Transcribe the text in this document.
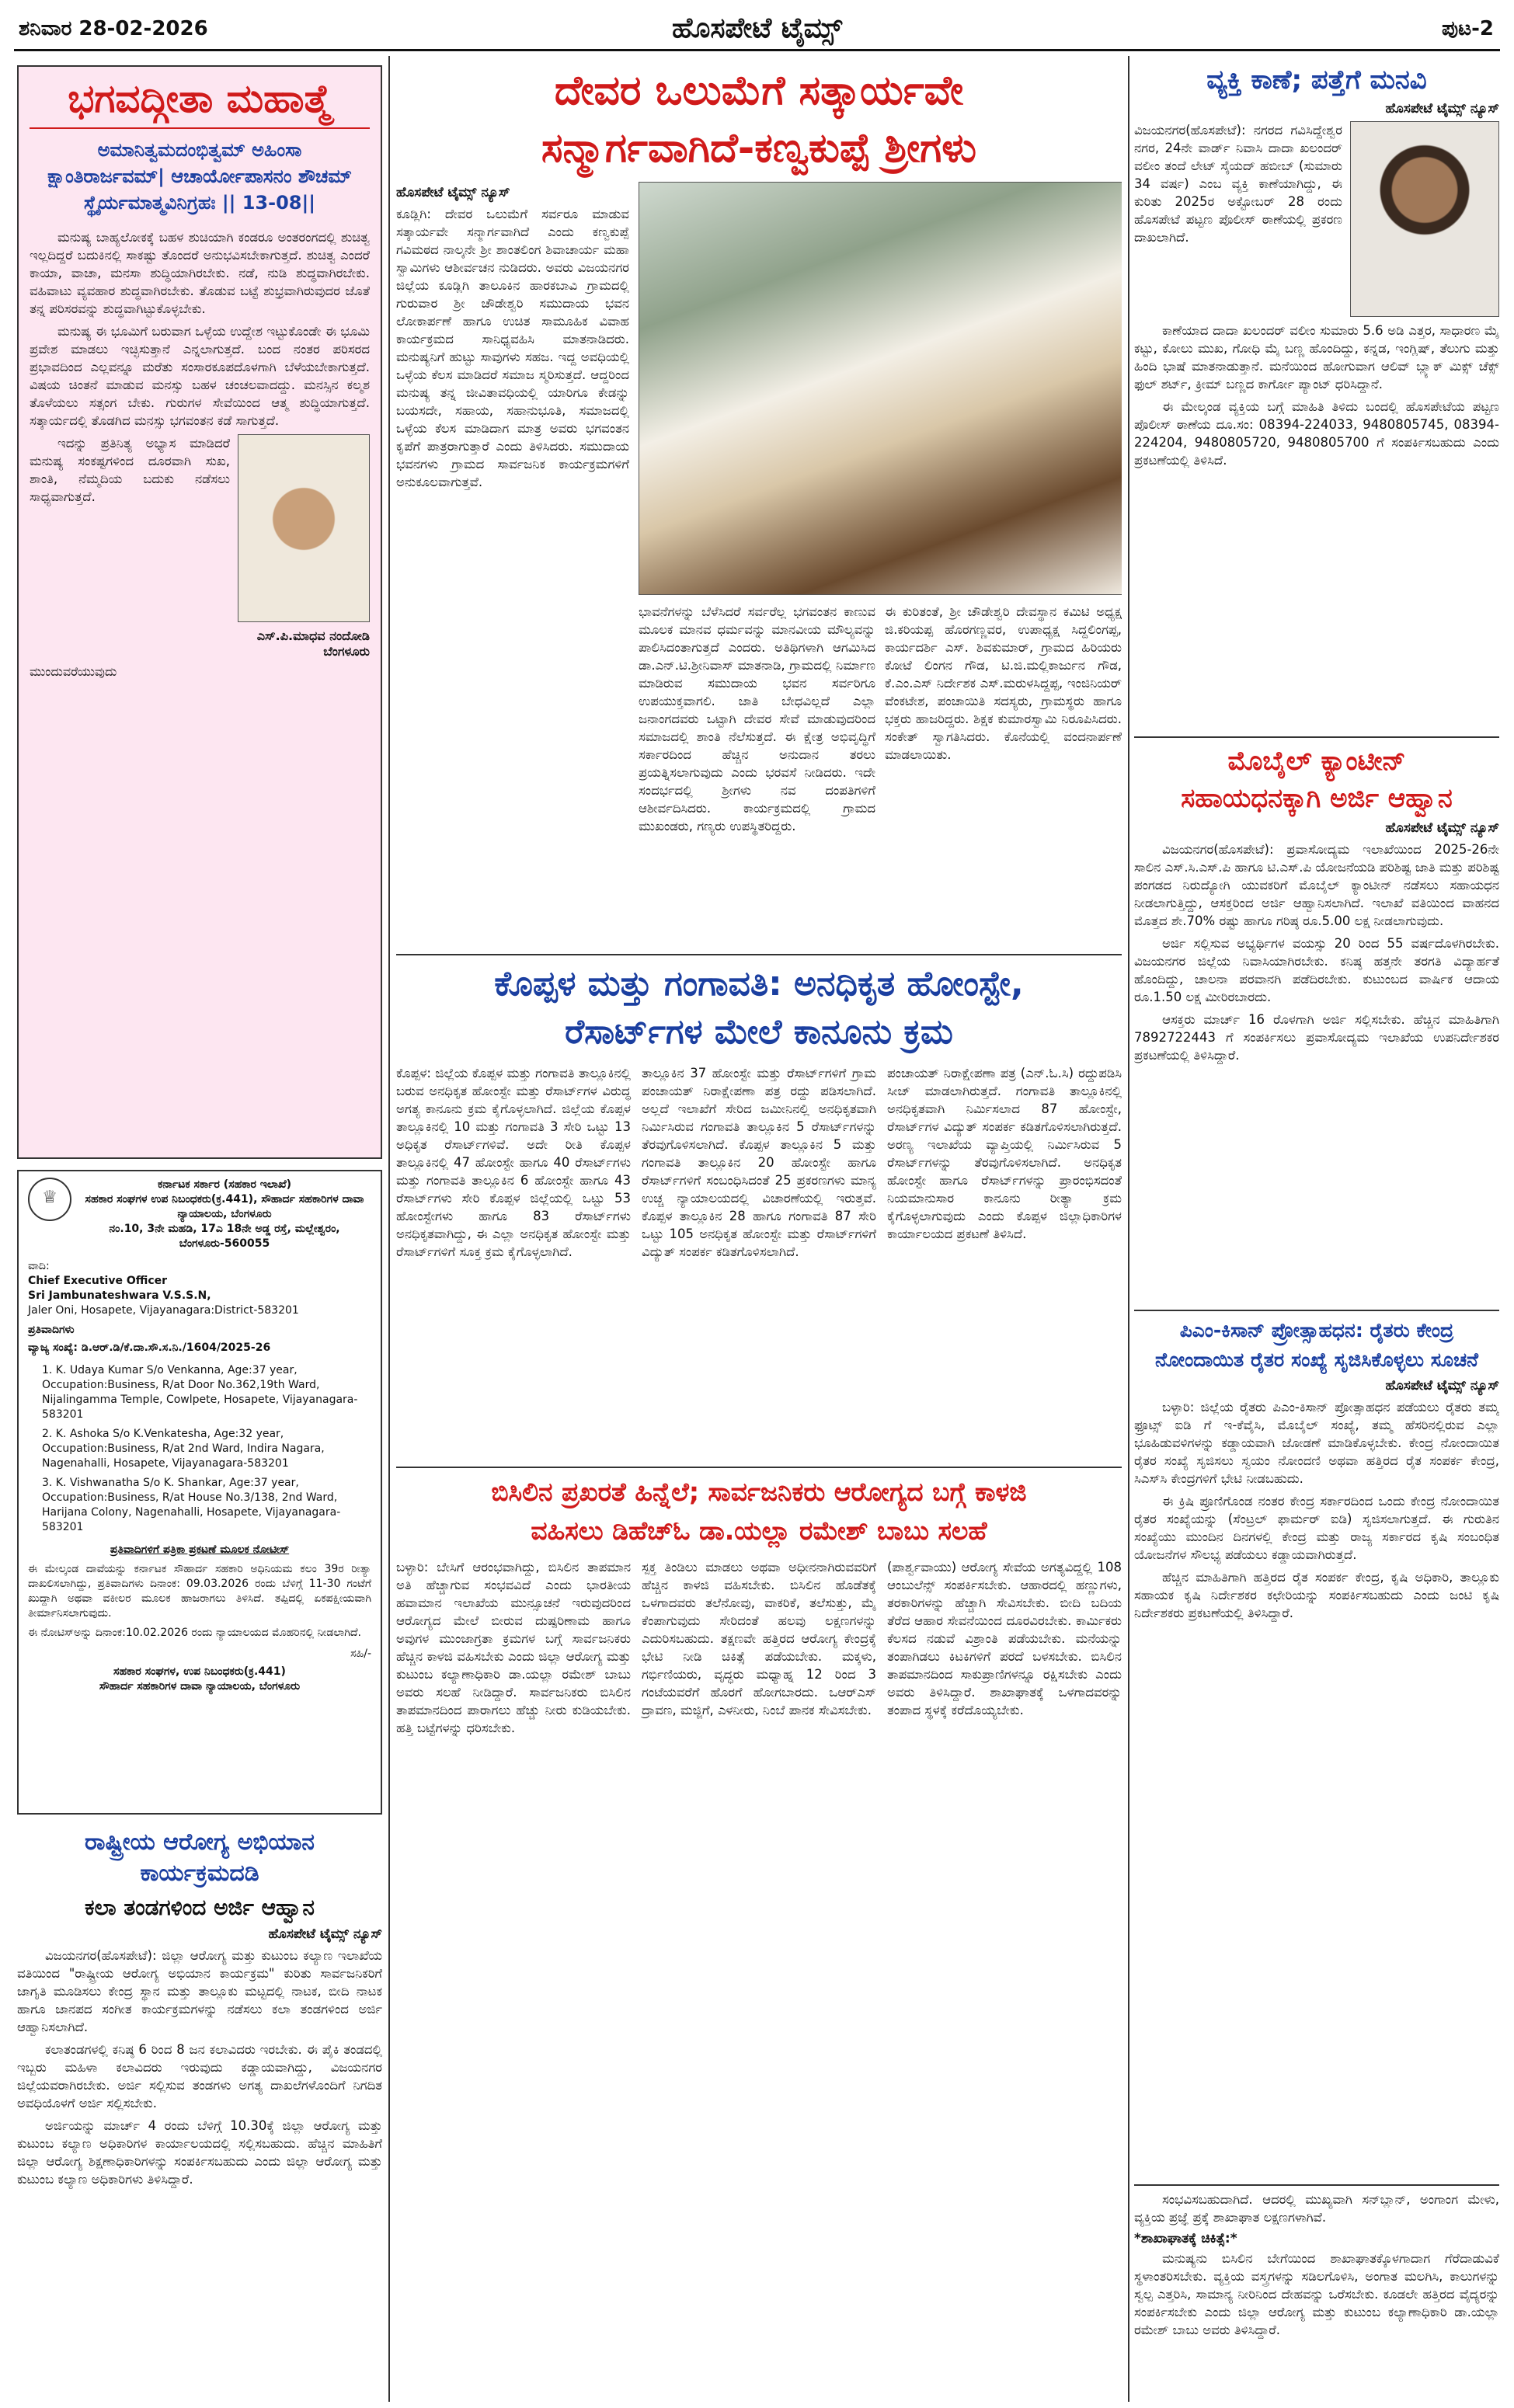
ಶನಿವಾರ 28-02-2026	ಹೊಸಪೇಟೆ ಟೈಮ್ಸ್	ಪುಟ-2
ಭಗವದ್ಗೀತಾ ಮಹಾತ್ಮೆ
ಅಮಾನಿತ್ವಮದಂಭಿತ್ವಮ್ ಅಹಿಂಸಾ ಕ್ಷಾಂತಿರಾರ್ಜವಮ್| ಆಚಾರ್ಯೋಪಾಸನಂ ಶೌಚಮ್ ಸ್ಥೈರ್ಯಮಾತ್ಮವಿನಿಗ್ರಹಃ || 13-08||

ಮನುಷ್ಯ ಬಾಹ್ಯಲೋಕಕ್ಕೆ ಬಹಳ ಶುಚಿಯಾಗಿ ಕಂಡರೂ ಅಂತರಂಗದಲ್ಲಿ ಶುಚಿತ್ವ ಇಲ್ಲದಿದ್ದರೆ ಬದುಕಿನಲ್ಲಿ ಸಾಕಷ್ಟು ತೊಂದರೆ ಅನುಭವಿಸಬೇಕಾಗುತ್ತದೆ. ಶುಚಿತ್ವ ಎಂದರೆ ಕಾಯಾ, ವಾಚಾ, ಮನಸಾ ಶುದ್ಧಿಯಾಗಿರಬೇಕು. ನಡೆ, ನುಡಿ ಶುದ್ಧವಾಗಿರಬೇಕು. ವಹಿವಾಟು ವ್ಯವಹಾರ ಶುದ್ಧವಾಗಿರಬೇಕು. ತೊಡುವ ಬಟ್ಟೆ ಶುಭ್ರವಾಗಿರುವುದರ ಜೊತೆ ತನ್ನ ಪರಿಸರವನ್ನು ಶುದ್ಧವಾಗಿಟ್ಟುಕೊಳ್ಳಬೇಕು.

ಮನುಷ್ಯ ಈ ಭೂಮಿಗೆ ಬರುವಾಗ ಒಳ್ಳೆಯ ಉದ್ದೇಶ ಇಟ್ಟುಕೊಂಡೇ ಈ ಭೂಮಿ ಪ್ರವೇಶ ಮಾಡಲು ಇಚ್ಛಿಸುತ್ತಾನೆ ಎನ್ನಲಾಗುತ್ತದೆ. ಬಂದ ನಂತರ ಪರಿಸರದ ಪ್ರಭಾವದಿಂದ ಎಲ್ಲವನ್ನೂ ಮರೆತು ಸಂಸಾರಕೂಪದೊಳಗಾಗಿ ಬೆಳೆಯಬೇಕಾಗುತ್ತದೆ. ವಿಷಯ ಚಿಂತನೆ ಮಾಡುವ ಮನಸ್ಸು ಬಹಳ ಚಂಚಲವಾದದ್ದು. ಮನಸ್ಸಿನ ಕಲ್ಮಶ ತೊಳೆಯಲು ಸತ್ಸಂಗ ಬೇಕು. ಗುರುಗಳ ಸೇವೆಯಿಂದ ಆತ್ಮ ಶುದ್ಧಿಯಾಗುತ್ತದೆ. ಸತ್ಕಾರ್ಯದಲ್ಲಿ ತೊಡಗಿದ ಮನಸ್ಸು ಭಗವಂತನ ಕಡೆ ಸಾಗುತ್ತದೆ.

ಇದನ್ನು ಪ್ರತಿನಿತ್ಯ ಅಭ್ಯಾಸ ಮಾಡಿದರೆ ಮನುಷ್ಯ ಸಂಕಷ್ಟಗಳಿಂದ ದೂರವಾಗಿ ಸುಖ, ಶಾಂತಿ, ನೆಮ್ಮದಿಯ ಬದುಕು ನಡೆಸಲು ಸಾಧ್ಯವಾಗುತ್ತದೆ.

ಎಸ್.ಪಿ.ಮಾಧವ ನಂದೋಡಿ
ಬೆಂಗಳೂರು
ಮುಂದುವರೆಯುವುದು
♕
ಕರ್ನಾಟಕ ಸರ್ಕಾರ (ಸಹಕಾರ ಇಲಾಖೆ)
ಸಹಕಾರ ಸಂಘಗಳ ಉಪ ನಿಬಂಧಕರು(ಕ್ರ.441), ಸೌಹಾರ್ದ ಸಹಕಾರಿಗಳ ದಾವಾ ನ್ಯಾಯಾಲಯ, ಬೆಂಗಳೂರು
ನಂ.10, 3ನೇ ಮಹಡಿ, 17ಎ 18ನೇ ಅಡ್ಡ ರಸ್ತೆ, ಮಲ್ಲೇಶ್ವರಂ, ಬೆಂಗಳೂರು-560055
ವಾದಿ:
Chief Executive Officer
Sri Jambunateshwara V.S.S.N,
Jaler Oni, Hosapete, Vijayanagara:District-583201
ಪ್ರತಿವಾದಿಗಳು
ವ್ಯಾಜ್ಯ ಸಂಖ್ಯೆ: ಡಿ.ಆರ್.ಡಿ/ಕೆ.ದಾ.ಸೌ.ಸ.ನಿ./1604/2025-26
1. K. Udaya Kumar S/o Venkanna, Age:37 year, Occupation:Business, R/at Door No.362,19th Ward, Nijalingamma Temple, Cowlpete, Hosapete, Vijayanagara-583201
2. K. Ashoka S/o K.Venkatesha, Age:32 year, Occupation:Business, R/at 2nd Ward, Indira Nagara, Nagenahalli, Hosapete, Vijayanagara-583201
3. K. Vishwanatha S/o K. Shankar, Age:37 year, Occupation:Business, R/at House No.3/138, 2nd Ward, Harijana Colony, Nagenahalli, Hosapete, Vijayanagara-583201
ಪ್ರತಿವಾದಿಗಳಿಗೆ ಪತ್ರಿಕಾ ಪ್ರಕಟಣೆ ಮೂಲಕ ನೋಟೀಸ್
ಈ ಮೇಲ್ಕಂಡ ದಾವೆಯನ್ನು ಕರ್ನಾಟಕ ಸೌಹಾರ್ದ ಸಹಕಾರಿ ಅಧಿನಿಯಮ ಕಲಂ 39ರ ರೀತ್ಯಾ ದಾಖಲಿಸಲಾಗಿದ್ದು, ಪ್ರತಿವಾದಿಗಳು ದಿನಾಂಕ: 09.03.2026 ರಂದು ಬೆಳಿಗ್ಗೆ 11-30 ಗಂಟೆಗೆ ಖುದ್ದಾಗಿ ಅಥವಾ ವಕೀಲರ ಮೂಲಕ ಹಾಜರಾಗಲು ತಿಳಿಸಿದೆ. ತಪ್ಪಿದಲ್ಲಿ ಏಕಪಕ್ಷೀಯವಾಗಿ ತೀರ್ಮಾನಿಸಲಾಗುವುದು.
ಈ ನೋಟಿಸ್ಅನ್ನು ದಿನಾಂಕ:10.02.2026 ರಂದು ನ್ಯಾಯಾಲಯದ ಮೊಹರಿನಲ್ಲಿ ನೀಡಲಾಗಿದೆ.
ಸಹಿ/-
ಸಹಕಾರ ಸಂಘಗಳ, ಉಪ ನಿಬಂಧಕರು(ಕ್ರ.441)
ಸೌಹಾರ್ದ ಸಹಕಾರಿಗಳ ದಾವಾ ನ್ಯಾಯಾಲಯ, ಬೆಂಗಳೂರು
ರಾಷ್ಟ್ರೀಯ ಆರೋಗ್ಯ ಅಭಿಯಾನ
ಕಾರ್ಯಕ್ರಮದಡಿ
ಕಲಾ ತಂಡಗಳಿಂದ ಅರ್ಜಿ ಆಹ್ವಾನ
ಹೊಸಪೇಟೆ ಟೈಮ್ಸ್ ನ್ಯೂಸ್

ವಿಜಯನಗರ(ಹೊಸಪೇಟೆ): ಜಿಲ್ಲಾ ಆರೋಗ್ಯ ಮತ್ತು ಕುಟುಂಬ ಕಲ್ಯಾಣ ಇಲಾಖೆಯ ವತಿಯಿಂದ "ರಾಷ್ಟ್ರೀಯ ಆರೋಗ್ಯ ಅಭಿಯಾನ ಕಾರ್ಯಕ್ರಮ" ಕುರಿತು ಸಾರ್ವಜನಿಕರಿಗೆ ಜಾಗೃತಿ ಮೂಡಿಸಲು ಕೇಂದ್ರ ಸ್ಥಾನ ಮತ್ತು ತಾಲ್ಲೂಕು ಮಟ್ಟದಲ್ಲಿ ನಾಟಕ, ಬೀದಿ ನಾಟಕ ಹಾಗೂ ಜಾನಪದ ಸಂಗೀತ ಕಾರ್ಯಕ್ರಮಗಳನ್ನು ನಡೆಸಲು ಕಲಾ ತಂಡಗಳಿಂದ ಅರ್ಜಿ ಆಹ್ವಾನಿಸಲಾಗಿದೆ.

ಕಲಾತಂಡಗಳಲ್ಲಿ ಕನಿಷ್ಠ 6 ರಿಂದ 8 ಜನ ಕಲಾವಿದರು ಇರಬೇಕು. ಈ ಪೈಕಿ ತಂಡದಲ್ಲಿ ಇಬ್ಬರು ಮಹಿಳಾ ಕಲಾವಿದರು ಇರುವುದು ಕಡ್ಡಾಯವಾಗಿದ್ದು, ವಿಜಯನಗರ ಜಿಲ್ಲೆಯವರಾಗಿರಬೇಕು. ಅರ್ಜಿ ಸಲ್ಲಿಸುವ ತಂಡಗಳು ಅಗತ್ಯ ದಾಖಲೆಗಳೊಂದಿಗೆ ನಿಗದಿತ ಅವಧಿಯೊಳಗೆ ಅರ್ಜಿ ಸಲ್ಲಿಸಬೇಕು.

ಅರ್ಜಿಯನ್ನು ಮಾರ್ಚ್ 4 ರಂದು ಬೆಳಿಗ್ಗೆ 10.30ಕ್ಕೆ ಜಿಲ್ಲಾ ಆರೋಗ್ಯ ಮತ್ತು ಕುಟುಂಬ ಕಲ್ಯಾಣ ಅಧಿಕಾರಿಗಳ ಕಾರ್ಯಾಲಯದಲ್ಲಿ ಸಲ್ಲಿಸಬಹುದು. ಹೆಚ್ಚಿನ ಮಾಹಿತಿಗೆ ಜಿಲ್ಲಾ ಆರೋಗ್ಯ ಶಿಕ್ಷಣಾಧಿಕಾರಿಗಳನ್ನು ಸಂಪರ್ಕಿಸಬಹುದು ಎಂದು ಜಿಲ್ಲಾ ಆರೋಗ್ಯ ಮತ್ತು ಕುಟುಂಬ ಕಲ್ಯಾಣ ಅಧಿಕಾರಿಗಳು ತಿಳಿಸಿದ್ದಾರೆ.

ದೇವರ ಒಲುಮೆಗೆ ಸತ್ಕಾರ್ಯವೇ
ಸನ್ಮಾರ್ಗವಾಗಿದೆ-ಕಣ್ವಕುಪ್ಪೆ ಶ್ರೀಗಳು
ಹೊಸಪೇಟೆ ಟೈಮ್ಸ್ ನ್ಯೂಸ್
ಕೂಡ್ಲಿಗಿ: ದೇವರ ಒಲುಮೆಗೆ ಸರ್ವರೂ ಮಾಡುವ ಸತ್ಕಾರ್ಯವೇ ಸನ್ಮಾರ್ಗವಾಗಿದೆ ಎಂದು ಕಣ್ವಕುಪ್ಪೆ ಗವಿಮಠದ ನಾಲ್ಕನೇ ಶ್ರೀ ಶಾಂತಲಿಂಗ ಶಿವಾಚಾರ್ಯ ಮಹಾ ಸ್ವಾಮಿಗಳು ಆಶೀರ್ವಚನ ನುಡಿದರು. ಅವರು ವಿಜಯನಗರ ಜಿಲ್ಲೆಯ ಕೂಡ್ಲಿಗಿ ತಾಲೂಕಿನ ಹಾರಕಬಾವಿ ಗ್ರಾಮದಲ್ಲಿ ಗುರುವಾರ ಶ್ರೀ ಚೌಡೇಶ್ವರಿ ಸಮುದಾಯ ಭವನ ಲೋಕಾರ್ಪಣೆ ಹಾಗೂ ಉಚಿತ ಸಾಮೂಹಿಕ ವಿವಾಹ ಕಾರ್ಯಕ್ರಮದ ಸಾನಿಧ್ಯವಹಿಸಿ ಮಾತನಾಡಿದರು. ಮನುಷ್ಯನಿಗೆ ಹುಟ್ಟು ಸಾವುಗಳು ಸಹಜ. ಇದ್ದ ಅವಧಿಯಲ್ಲಿ ಒಳ್ಳೆಯ ಕೆಲಸ ಮಾಡಿದರೆ ಸಮಾಜ ಸ್ಮರಿಸುತ್ತದೆ. ಆದ್ದರಿಂದ ಮನುಷ್ಯ ತನ್ನ ಜೀವಿತಾವಧಿಯಲ್ಲಿ ಯಾರಿಗೂ ಕೇಡನ್ನು ಬಯಸದೇ, ಸಹಾಯ, ಸಹಾನುಭೂತಿ, ಸಮಾಜದಲ್ಲಿ ಒಳ್ಳೆಯ ಕೆಲಸ ಮಾಡಿದಾಗ ಮಾತ್ರ ಅವರು ಭಗವಂತನ ಕೃಪೆಗೆ ಪಾತ್ರರಾಗುತ್ತಾರೆ ಎಂದು ತಿಳಿಸಿದರು. ಸಮುದಾಯ ಭವನಗಳು ಗ್ರಾಮದ ಸಾರ್ವಜನಿಕ ಕಾರ್ಯಕ್ರಮಗಳಿಗೆ ಅನುಕೂಲವಾಗುತ್ತವೆ.
ಭಾವನೆಗಳನ್ನು ಬೆಳೆಸಿದರೆ ಸರ್ವರೆಲ್ಲ ಭಗವಂತನ ಕಾಣುವ ಮೂಲಕ ಮಾನವ ಧರ್ಮವನ್ನು ಮಾನವೀಯ ಮೌಲ್ಯವನ್ನು ಪಾಲಿಸಿದಂತಾಗುತ್ತದೆ ಎಂದರು. ಅತಿಥಿಗಳಾಗಿ ಆಗಮಿಸಿದ ಡಾ.ಎನ್.ಟಿ.ಶ್ರೀನಿವಾಸ್ ಮಾತನಾಡಿ, ಗ್ರಾಮದಲ್ಲಿ ನಿರ್ಮಾಣ ಮಾಡಿರುವ ಸಮುದಾಯ ಭವನ ಸರ್ವರಿಗೂ ಉಪಯುಕ್ತವಾಗಲಿ. ಜಾತಿ ಬೇಧವಿಲ್ಲದೆ ಎಲ್ಲಾ ಜನಾಂಗದವರು ಒಟ್ಟಾಗಿ ದೇವರ ಸೇವೆ ಮಾಡುವುದರಿಂದ ಸಮಾಜದಲ್ಲಿ ಶಾಂತಿ ನೆಲೆಸುತ್ತದೆ. ಈ ಕ್ಷೇತ್ರ ಅಭಿವೃದ್ಧಿಗೆ ಸರ್ಕಾರದಿಂದ ಹೆಚ್ಚಿನ ಅನುದಾನ ತರಲು ಪ್ರಯತ್ನಿಸಲಾಗುವುದು ಎಂದು ಭರವಸೆ ನೀಡಿದರು. ಇದೇ ಸಂದರ್ಭದಲ್ಲಿ ಶ್ರೀಗಳು ನವ ದಂಪತಿಗಳಿಗೆ ಆಶೀರ್ವದಿಸಿದರು. ಕಾರ್ಯಕ್ರಮದಲ್ಲಿ ಗ್ರಾಮದ ಮುಖಂಡರು, ಗಣ್ಯರು ಉಪಸ್ಥಿತರಿದ್ದರು.
ಈ ಕುರಿತಂತೆ, ಶ್ರೀ ಚೌಡೇಶ್ವರಿ ದೇವಸ್ಥಾನ ಕಮಿಟಿ ಅಧ್ಯಕ್ಷ ಜಿ.ಕರಿಯಪ್ಪ ಹೊರಗಣ್ಣವರ, ಉಪಾಧ್ಯಕ್ಷ ಸಿದ್ದಲಿಂಗಪ್ಪ, ಕಾರ್ಯದರ್ಶಿ ಎಸ್. ಶಿವಕುಮಾರ್, ಗ್ರಾಮದ ಹಿರಿಯರು ಕೋಟೆ ಲಿಂಗನ ಗೌಡ, ಟಿ.ಜಿ.ಮಲ್ಲಿಕಾರ್ಜುನ ಗೌಡ, ಕೆ.ಎಂ.ಎಸ್ ನಿರ್ದೇಶಕ ಎಸ್.ಮರುಳಸಿದ್ದಪ್ಪ, ಇಂಜಿನಿಯರ್ ವೆಂಕಟೇಶ, ಪಂಚಾಯಿತಿ ಸದಸ್ಯರು, ಗ್ರಾಮಸ್ಥರು ಹಾಗೂ ಭಕ್ತರು ಹಾಜರಿದ್ದರು. ಶಿಕ್ಷಕ ಕುಮಾರಸ್ವಾಮಿ ನಿರೂಪಿಸಿದರು. ಸಂಕೇತ್ ಸ್ವಾಗತಿಸಿದರು. ಕೊನೆಯಲ್ಲಿ ವಂದನಾರ್ಪಣೆ ಮಾಡಲಾಯಿತು.
ಕೊಪ್ಪಳ ಮತ್ತು ಗಂಗಾವತಿ: ಅನಧಿಕೃತ ಹೋಂಸ್ಟೇ,
ರೆಸಾರ್ಟ್‌ಗಳ ಮೇಲೆ ಕಾನೂನು ಕ್ರಮ
ಕೊಪ್ಪಳ: ಜಿಲ್ಲೆಯ ಕೊಪ್ಪಳ ಮತ್ತು ಗಂಗಾವತಿ ತಾಲ್ಲೂಕಿನಲ್ಲಿ ಬರುವ ಅನಧಿಕೃತ ಹೋಂಸ್ಟೇ ಮತ್ತು ರೆಸಾರ್ಟ್‌ಗಳ ವಿರುದ್ಧ ಅಗತ್ಯ ಕಾನೂನು ಕ್ರಮ ಕೈಗೊಳ್ಳಲಾಗಿದೆ. ಜಿಲ್ಲೆಯ ಕೊಪ್ಪಳ ತಾಲ್ಲೂಕಿನಲ್ಲಿ 10 ಮತ್ತು ಗಂಗಾವತಿ 3 ಸೇರಿ ಒಟ್ಟು 13 ಅಧಿಕೃತ ರೆಸಾರ್ಟ್‌ಗಳಿವೆ. ಅದೇ ರೀತಿ ಕೊಪ್ಪಳ ತಾಲ್ಲೂಕಿನಲ್ಲಿ 47 ಹೋಂಸ್ಟೇ ಹಾಗೂ 40 ರೆಸಾರ್ಟ್‌ಗಳು ಮತ್ತು ಗಂಗಾವತಿ ತಾಲ್ಲೂಕಿನ 6 ಹೋಂಸ್ಟೇ ಹಾಗೂ 43 ರೆಸಾರ್ಟ್‌ಗಳು ಸೇರಿ ಕೊಪ್ಪಳ ಜಿಲ್ಲೆಯಲ್ಲಿ ಒಟ್ಟು 53 ಹೋಂಸ್ಟೇಗಳು ಹಾಗೂ 83 ರೆಸಾರ್ಟ್‌ಗಳು ಅನಧಿಕೃತವಾಗಿದ್ದು, ಈ ಎಲ್ಲಾ ಅನಧಿಕೃತ ಹೋಂಸ್ಟೇ ಮತ್ತು ರೆಸಾರ್ಟ್‌ಗಳಿಗೆ ಸೂಕ್ತ ಕ್ರಮ ಕೈಗೊಳ್ಳಲಾಗಿದೆ.
ತಾಲ್ಲೂಕಿನ 37 ಹೋಂಸ್ಟೇ ಮತ್ತು ರೆಸಾರ್ಟ್‌ಗಳಿಗೆ ಗ್ರಾಮ ಪಂಚಾಯತ್ ನಿರಾಕ್ಷೇಪಣಾ ಪತ್ರ ರದ್ದು ಪಡಿಸಲಾಗಿದೆ. ಅಲ್ಲದೆ ಇಲಾಖೆಗೆ ಸೇರಿದ ಜಮೀನಿನಲ್ಲಿ ಅನಧಿಕೃತವಾಗಿ ನಿರ್ಮಿಸಿರುವ ಗಂಗಾವತಿ ತಾಲ್ಲೂಕಿನ 5 ರೆಸಾರ್ಟ್‌ಗಳನ್ನು ತೆರವುಗೊಳಿಸಲಾಗಿದೆ. ಕೊಪ್ಪಳ ತಾಲ್ಲೂಕಿನ 5 ಮತ್ತು ಗಂಗಾವತಿ ತಾಲ್ಲೂಕಿನ 20 ಹೋಂಸ್ಟೇ ಹಾಗೂ ರೆಸಾರ್ಟ್‌ಗಳಿಗೆ ಸಂಬಂಧಿಸಿದಂತೆ 25 ಪ್ರಕರಣಗಳು ಮಾನ್ಯ ಉಚ್ಚ ನ್ಯಾಯಾಲಯದಲ್ಲಿ ವಿಚಾರಣೆಯಲ್ಲಿ ಇರುತ್ತವೆ. ಕೊಪ್ಪಳ ತಾಲ್ಲೂಕಿನ 28 ಹಾಗೂ ಗಂಗಾವತಿ 87 ಸೇರಿ ಒಟ್ಟು 105 ಅನಧಿಕೃತ ಹೋಂಸ್ಟೇ ಮತ್ತು ರೆಸಾರ್ಟ್‌ಗಳಿಗೆ ವಿದ್ಯುತ್ ಸಂಪರ್ಕ ಕಡಿತಗೊಳಿಸಲಾಗಿದೆ.
ಪಂಚಾಯತ್ ನಿರಾಕ್ಷೇಪಣಾ ಪತ್ರ (ಎನ್.ಓ.ಸಿ) ರದ್ದುಪಡಿಸಿ ಸೀಜ್ ಮಾಡಲಾಗಿರುತ್ತದೆ. ಗಂಗಾವತಿ ತಾಲ್ಲೂಕಿನಲ್ಲಿ ಅನಧಿಕೃತವಾಗಿ ನಿರ್ಮಿಸಲಾದ 87 ಹೋಂಸ್ಟೇ, ರೆಸಾರ್ಟ್‌ಗಳ ವಿದ್ಯುತ್ ಸಂಪರ್ಕ ಕಡಿತಗೊಳಿಸಲಾಗಿರುತ್ತದೆ. ಅರಣ್ಯ ಇಲಾಖೆಯ ವ್ಯಾಪ್ತಿಯಲ್ಲಿ ನಿರ್ಮಿಸಿರುವ 5 ರೆಸಾರ್ಟ್‌ಗಳನ್ನು ತೆರವುಗೊಳಿಸಲಾಗಿದೆ. ಅನಧಿಕೃತ ಹೋಂಸ್ಟೇ ಹಾಗೂ ರೆಸಾರ್ಟ್‌ಗಳನ್ನು ಪ್ರಾರಂಭಿಸದಂತೆ ನಿಯಮಾನುಸಾರ ಕಾನೂನು ರೀತ್ಯಾ ಕ್ರಮ ಕೈಗೊಳ್ಳಲಾಗುವುದು ಎಂದು ಕೊಪ್ಪಳ ಜಿಲ್ಲಾಧಿಕಾರಿಗಳ ಕಾರ್ಯಾಲಯದ ಪ್ರಕಟಣೆ ತಿಳಿಸಿದೆ.
ಬಿಸಿಲಿನ ಪ್ರಖರತೆ ಹಿನ್ನೆಲೆ; ಸಾರ್ವಜನಿಕರು ಆರೋಗ್ಯದ ಬಗ್ಗೆ ಕಾಳಜಿ
ವಹಿಸಲು ಡಿಹೆಚ್ಓ ಡಾ.ಯಲ್ಲಾ ರಮೇಶ್ ಬಾಬು ಸಲಹೆ
ಬಳ್ಳಾರಿ: ಬೇಸಿಗೆ ಆರಂಭವಾಗಿದ್ದು, ಬಿಸಿಲಿನ ತಾಪಮಾನ ಅತಿ ಹೆಚ್ಚಾಗುವ ಸಂಭವವಿದೆ ಎಂದು ಭಾರತೀಯ ಹವಾಮಾನ ಇಲಾಖೆಯ ಮುನ್ಸೂಚನೆ ಇರುವುದರಿಂದ ಆರೋಗ್ಯದ ಮೇಲೆ ಬೀರುವ ದುಷ್ಪರಿಣಾಮ ಹಾಗೂ ಅವುಗಳ ಮುಂಜಾಗ್ರತಾ ಕ್ರಮಗಳ ಬಗ್ಗೆ ಸಾರ್ವಜನಿಕರು ಹೆಚ್ಚಿನ ಕಾಳಜಿ ವಹಿಸಬೇಕು ಎಂದು ಜಿಲ್ಲಾ ಆರೋಗ್ಯ ಮತ್ತು ಕುಟುಂಬ ಕಲ್ಯಾಣಾಧಿಕಾರಿ ಡಾ.ಯಲ್ಲಾ ರಮೇಶ್ ಬಾಬು ಅವರು ಸಲಹೆ ನೀಡಿದ್ದಾರೆ. ಸಾರ್ವಜನಿಕರು ಬಿಸಿಲಿನ ತಾಪಮಾನದಿಂದ ಪಾರಾಗಲು ಹೆಚ್ಚು ನೀರು ಕುಡಿಯಬೇಕು. ಹತ್ತಿ ಬಟ್ಟೆಗಳನ್ನು ಧರಿಸಬೇಕು.
ಸ್ಪಕ್ತ ತಿಂಡಿಲು ಮಾಡಲು ಅಥವಾ ಅಧೀನನಾಗಿರುವವರಿಗೆ ಹೆಚ್ಚಿನ ಕಾಳಜಿ ವಹಿಸಬೇಕು. ಬಿಸಿಲಿನ ಹೊಡೆತಕ್ಕೆ ಒಳಗಾದವರು ತಲೆನೋವು, ವಾಕರಿಕೆ, ತಲೆಸುತ್ತು, ಮೈ ಕೆಂಪಾಗುವುದು ಸೇರಿದಂತೆ ಹಲವು ಲಕ್ಷಣಗಳನ್ನು ಎದುರಿಸಬಹುದು. ತಕ್ಷಣವೇ ಹತ್ತಿರದ ಆರೋಗ್ಯ ಕೇಂದ್ರಕ್ಕೆ ಭೇಟಿ ನೀಡಿ ಚಿಕಿತ್ಸೆ ಪಡೆಯಬೇಕು. ಮಕ್ಕಳು, ಗರ್ಭಿಣಿಯರು, ವೃದ್ಧರು ಮಧ್ಯಾಹ್ನ 12 ರಿಂದ 3 ಗಂಟೆಯವರೆಗೆ ಹೊರಗೆ ಹೋಗಬಾರದು. ಒಆರ್‌ಎಸ್ ದ್ರಾವಣ, ಮಜ್ಜಿಗೆ, ಎಳನೀರು, ನಿಂಬೆ ಪಾನಕ ಸೇವಿಸಬೇಕು.
(ಪಾರ್ಶ್ವವಾಯು) ಆರೋಗ್ಯ ಸೇವೆಯ ಅಗತ್ಯವಿದ್ದಲ್ಲಿ 108 ಆಂಬುಲೆನ್ಸ್ ಸಂಪರ್ಕಿಸಬೇಕು. ಆಹಾರದಲ್ಲಿ ಹಣ್ಣುಗಳು, ತರಕಾರಿಗಳನ್ನು ಹೆಚ್ಚಾಗಿ ಸೇವಿಸಬೇಕು. ಬೀದಿ ಬದಿಯ ತೆರೆದ ಆಹಾರ ಸೇವನೆಯಿಂದ ದೂರವಿರಬೇಕು. ಕಾರ್ಮಿಕರು ಕೆಲಸದ ನಡುವೆ ವಿಶ್ರಾಂತಿ ಪಡೆಯಬೇಕು. ಮನೆಯನ್ನು ತಂಪಾಗಿಡಲು ಕಿಟಕಿಗಳಿಗೆ ಪರದೆ ಬಳಸಬೇಕು. ಬಿಸಿಲಿನ ತಾಪಮಾನದಿಂದ ಸಾಕುಪ್ರಾಣಿಗಳನ್ನೂ ರಕ್ಷಿಸಬೇಕು ಎಂದು ಅವರು ತಿಳಿಸಿದ್ದಾರೆ. ಶಾಖಾಘಾತಕ್ಕೆ ಒಳಗಾದವರನ್ನು ತಂಪಾದ ಸ್ಥಳಕ್ಕೆ ಕರೆದೊಯ್ಯಬೇಕು.
ವ್ಯಕ್ತಿ ಕಾಣೆ; ಪತ್ತೆಗೆ ಮನವಿ
ಹೊಸಪೇಟೆ ಟೈಮ್ಸ್ ನ್ಯೂಸ್
ವಿಜಯನಗರ(ಹೊಸಪೇಟೆ): ನಗರದ ಗವಿಸಿದ್ದೇಶ್ವರ ನಗರ, 24ನೇ ವಾರ್ಡ್ ನಿವಾಸಿ ದಾದಾ ಖಲಂದರ್ ವಲೀಂ ತಂದೆ ಲೇಟ್ ಸೈಯದ್ ಹಬೀಬ್ (ಸುಮಾರು 34 ವರ್ಷ) ಎಂಬ ವ್ಯಕ್ತಿ ಕಾಣೆಯಾಗಿದ್ದು, ಈ ಕುರಿತು 2025ರ ಅಕ್ಟೋಬರ್ 28 ರಂದು ಹೊಸಪೇಟೆ ಪಟ್ಟಣ ಪೊಲೀಸ್ ಠಾಣೆಯಲ್ಲಿ ಪ್ರಕರಣ ದಾಖಲಾಗಿದೆ.

ಕಾಣೆಯಾದ ದಾದಾ ಖಲಂದರ್ ವಲೀಂ ಸುಮಾರು 5.6 ಅಡಿ ಎತ್ತರ, ಸಾಧಾರಣ ಮೈ ಕಟ್ಟು, ಕೋಲು ಮುಖ, ಗೋಧಿ ಮೈ ಬಣ್ಣ ಹೊಂದಿದ್ದು, ಕನ್ನಡ, ಇಂಗ್ಲಿಷ್, ತೆಲುಗು ಮತ್ತು ಹಿಂದಿ ಭಾಷೆ ಮಾತನಾಡುತ್ತಾನೆ. ಮನೆಯಿಂದ ಹೋಗುವಾಗ ಆಲಿವ್ ಬ್ಲ್ಯಾಕ್ ಮಿಕ್ಸ್ ಚೆಕ್ಸ್ ಫುಲ್ ಶರ್ಟ್, ಕ್ರೀಮ್ ಬಣ್ಣದ ಕಾರ್ಗೋ ಪ್ಯಾಂಟ್ ಧರಿಸಿದ್ದಾನೆ.

ಈ ಮೇಲ್ಕಂಡ ವ್ಯಕ್ತಿಯ ಬಗ್ಗೆ ಮಾಹಿತಿ ತಿಳಿದು ಬಂದಲ್ಲಿ ಹೊಸಪೇಟೆಯ ಪಟ್ಟಣ ಪೊಲೀಸ್ ಠಾಣೆಯ ದೂ.ಸಂ: 08394-224033, 9480805745, 08394-224204, 9480805720, 9480805700 ಗೆ ಸಂಪರ್ಕಿಸಬಹುದು ಎಂದು ಪ್ರಕಟಣೆಯಲ್ಲಿ ತಿಳಿಸಿದೆ.

ಮೊಬೈಲ್ ಕ್ಯಾಂಟೀನ್
ಸಹಾಯಧನಕ್ಕಾಗಿ ಅರ್ಜಿ ಆಹ್ವಾನ
ಹೊಸಪೇಟೆ ಟೈಮ್ಸ್ ನ್ಯೂಸ್

ವಿಜಯನಗರ(ಹೊಸಪೇಟೆ): ಪ್ರವಾಸೋದ್ಯಮ ಇಲಾಖೆಯಿಂದ 2025-26ನೇ ಸಾಲಿನ ಎಸ್.ಸಿ.ಎಸ್.ಪಿ ಹಾಗೂ ಟಿ.ಎಸ್.ಪಿ ಯೋಜನೆಯಡಿ ಪರಿಶಿಷ್ಟ ಜಾತಿ ಮತ್ತು ಪರಿಶಿಷ್ಟ ಪಂಗಡದ ನಿರುದ್ಯೋಗಿ ಯುವಕರಿಗೆ ಮೊಬೈಲ್ ಕ್ಯಾಂಟೀನ್ ನಡೆಸಲು ಸಹಾಯಧನ ನೀಡಲಾಗುತ್ತಿದ್ದು, ಆಸಕ್ತರಿಂದ ಅರ್ಜಿ ಆಹ್ವಾನಿಸಲಾಗಿದೆ. ಇಲಾಖೆ ವತಿಯಿಂದ ವಾಹನದ ಮೊತ್ತದ ಶೇ.70% ರಷ್ಟು ಹಾಗೂ ಗರಿಷ್ಠ ರೂ.5.00 ಲಕ್ಷ ನೀಡಲಾಗುವುದು.

ಅರ್ಜಿ ಸಲ್ಲಿಸುವ ಅಭ್ಯರ್ಥಿಗಳ ವಯಸ್ಸು 20 ರಿಂದ 55 ವರ್ಷದೊಳಗಿರಬೇಕು. ವಿಜಯನಗರ ಜಿಲ್ಲೆಯ ನಿವಾಸಿಯಾಗಿರಬೇಕು. ಕನಿಷ್ಠ ಹತ್ತನೇ ತರಗತಿ ವಿದ್ಯಾರ್ಹತೆ ಹೊಂದಿದ್ದು, ಚಾಲನಾ ಪರವಾನಗಿ ಪಡೆದಿರಬೇಕು. ಕುಟುಂಬದ ವಾರ್ಷಿಕ ಆದಾಯ ರೂ.1.50 ಲಕ್ಷ ಮೀರಿರಬಾರದು.

ಆಸಕ್ತರು ಮಾರ್ಚ್ 16 ರೊಳಗಾಗಿ ಅರ್ಜಿ ಸಲ್ಲಿಸಬೇಕು. ಹೆಚ್ಚಿನ ಮಾಹಿತಿಗಾಗಿ 7892722443 ಗೆ ಸಂಪರ್ಕಿಸಲು ಪ್ರವಾಸೋದ್ಯಮ ಇಲಾಖೆಯ ಉಪನಿರ್ದೇಶಕರ ಪ್ರಕಟಣೆಯಲ್ಲಿ ತಿಳಿಸಿದ್ದಾರೆ.

ಪಿಎಂ-ಕಿಸಾನ್ ಪ್ರೋತ್ಸಾಹಧನ: ರೈತರು ಕೇಂದ್ರ
ನೋಂದಾಯಿತ ರೈತರ ಸಂಖ್ಯೆ ಸೃಜಿಸಿಕೊಳ್ಳಲು ಸೂಚನೆ
ಹೊಸಪೇಟೆ ಟೈಮ್ಸ್ ನ್ಯೂಸ್

ಬಳ್ಳಾರಿ: ಜಿಲ್ಲೆಯ ರೈತರು ಪಿಎಂ-ಕಿಸಾನ್ ಪ್ರೋತ್ಸಾಹಧನ ಪಡೆಯಲು ರೈತರು ತಮ್ಮ ಫ್ರೂಟ್ಸ್ ಐಡಿ ಗೆ ಇ-ಕೆವೈಸಿ, ಮೊಬೈಲ್ ಸಂಖ್ಯೆ, ತಮ್ಮ ಹೆಸರಿನಲ್ಲಿರುವ ಎಲ್ಲಾ ಭೂಹಿಡುವಳಿಗಳನ್ನು ಕಡ್ಡಾಯವಾಗಿ ಜೋಡಣೆ ಮಾಡಿಕೊಳ್ಳಬೇಕು. ಕೇಂದ್ರ ನೋಂದಾಯಿತ ರೈತರ ಸಂಖ್ಯೆ ಸೃಜಿಸಲು ಸ್ವಯಂ ನೋಂದಣಿ ಅಥವಾ ಹತ್ತಿರದ ರೈತ ಸಂಪರ್ಕ ಕೇಂದ್ರ, ಸಿಎಸ್‌ಸಿ ಕೇಂದ್ರಗಳಿಗೆ ಭೇಟಿ ನೀಡಬಹುದು.

ಈ ಕ್ರಿಷಿ ಪ್ರೂಣಿಗೊಂಡ ನಂತರ ಕೇಂದ್ರ ಸರ್ಕಾರದಿಂದ ಒಂದು ಕೇಂದ್ರ ನೋಂದಾಯಿತ ರೈತರ ಸಂಖ್ಯೆಯನ್ನು (ಸೆಂಟ್ರಲ್ ಫಾರ್ಮರ್ ಐಡಿ) ಸೃಜಿಸಲಾಗುತ್ತದೆ. ಈ ಗುರುತಿನ ಸಂಖ್ಯೆಯು ಮುಂದಿನ ದಿನಗಳಲ್ಲಿ ಕೇಂದ್ರ ಮತ್ತು ರಾಜ್ಯ ಸರ್ಕಾರದ ಕೃಷಿ ಸಂಬಂಧಿತ ಯೋಜನೆಗಳ ಸೌಲಭ್ಯ ಪಡೆಯಲು ಕಡ್ಡಾಯವಾಗಿರುತ್ತದೆ.

ಹೆಚ್ಚಿನ ಮಾಹಿತಿಗಾಗಿ ಹತ್ತಿರದ ರೈತ ಸಂಪರ್ಕ ಕೇಂದ್ರ, ಕೃಷಿ ಅಧಿಕಾರಿ, ತಾಲ್ಲೂಕು ಸಹಾಯಕ ಕೃಷಿ ನಿರ್ದೇಶಕರ ಕಛೇರಿಯನ್ನು ಸಂಪರ್ಕಿಸಬಹುದು ಎಂದು ಜಂಟಿ ಕೃಷಿ ನಿರ್ದೇಶಕರು ಪ್ರಕಟಣೆಯಲ್ಲಿ ತಿಳಿಸಿದ್ದಾರೆ.

ಸಂಭವಿಸಬಹುದಾಗಿದೆ. ಆದರಲ್ಲಿ ಮುಖ್ಯವಾಗಿ ಸನ್‌ಬ್ಲಾನ್, ಅಂಗಾಂಗ ಮೇಳು, ವ್ಯಕ್ತಿಯ ಪ್ರಜ್ಞೆ ಪ್ರಕ್ಕೆ ಶಾಖಾಘಾತ ಲಕ್ಷಣಗಳಾಗಿವೆ.

*ಶಾಖಾಘಾತಕ್ಕೆ ಚಿಕಿತ್ಸೆ:*

ಮನುಷ್ಯನು ಬಿಸಿಲಿನ ಬೇಗೆಯಿಂದ ಶಾಖಾಘಾತಕ್ಕೊಳಗಾದಾಗ ಗೆರೆದಾಡುವಿಕೆ ಸ್ಥಳಾಂತರಿಸಬೇಕು. ವ್ಯಕ್ತಿಯ ವಸ್ತ್ರಗಳನ್ನು ಸಡಿಲಗೊಳಿಸಿ, ಅಂಗಾತ ಮಲಗಿಸಿ, ಕಾಲುಗಳನ್ನು ಸ್ವಲ್ಪ ಎತ್ತರಿಸಿ, ಸಾಮಾನ್ಯ ನೀರಿನಿಂದ ದೇಹವನ್ನು ಒರೆಸಬೇಕು. ಕೂಡಲೇ ಹತ್ತಿರದ ವೈದ್ಯರನ್ನು ಸಂಪರ್ಕಿಸಬೇಕು ಎಂದು ಜಿಲ್ಲಾ ಆರೋಗ್ಯ ಮತ್ತು ಕುಟುಂಬ ಕಲ್ಯಾಣಾಧಿಕಾರಿ ಡಾ.ಯಲ್ಲಾ ರಮೇಶ್ ಬಾಬು ಅವರು ತಿಳಿಸಿದ್ದಾರೆ.
